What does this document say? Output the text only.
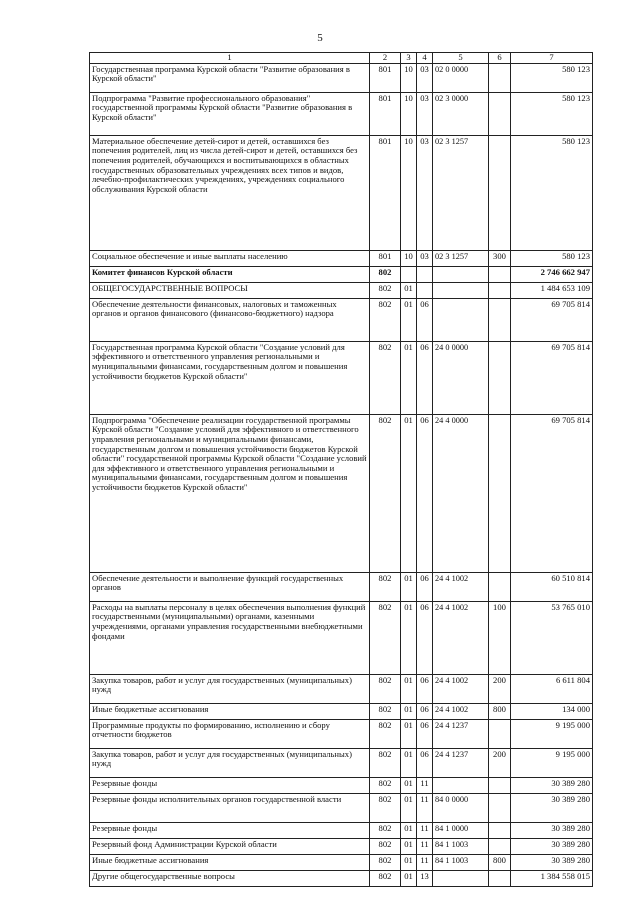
5
1	2	3	4	5	6	7
Государственная программа Курской области "Развитие образования в Курской области"	801	10	03	02 0 0000		580 123
Подпрограмма "Развитие профессионального образования" государственной программы Курской области "Развитие образования в Курской области"	801	10	03	02 3 0000		580 123
Материальное обеспечение детей-сирот и детей, оставшихся без попечения родителей, лиц из числа детей-сирот и детей, оставшихся без попечения родителей, обучающихся и воспитывающихся в областных государственных образовательных учреждениях всех типов и видов, лечебно-профилактических учреждениях, учреждениях социального обслуживания Курской области	801	10	03	02 3 1257		580 123
Социальное обеспечение и иные выплаты населению	801	10	03	02 3 1257	300	580 123
Комитет финансов Курской области	802					2 746 662 947
ОБЩЕГОСУДАРСТВЕННЫЕ ВОПРОСЫ	802	01				1 484 653 109
Обеспечение деятельности финансовых, налоговых и таможенных органов и органов финансового (финансово-бюджетного) надзора	802	01	06			69 705 814
Государственная программа Курской области "Создание условий для эффективного и ответственного управления региональными и муниципальными финансами, государственным долгом и повышения устойчивости бюджетов Курской области"	802	01	06	24 0 0000		69 705 814
Подпрограмма "Обеспечение реализации государственной программы Курской области "Создание условий для эффективного и ответственного управления региональными и муниципальными финансами, государственным долгом и повышения устойчивости бюджетов Курской области" государственной программы Курской области "Создание условий для эффективного и ответственного управления региональными и муниципальными финансами, государственным долгом и повышения устойчивости бюджетов Курской области"	802	01	06	24 4 0000		69 705 814
Обеспечение деятельности и выполнение функций государственных органов	802	01	06	24 4 1002		60 510 814
Расходы на выплаты персоналу в целях обеспечения выполнения функций государственными (муниципальными) органами, казенными учреждениями, органами управления государственными внебюджетными фондами	802	01	06	24 4 1002	100	53 765 010
Закупка товаров, работ и услуг для государственных (муниципальных) нужд	802	01	06	24 4 1002	200	6 611 804
Иные бюджетные ассигнования	802	01	06	24 4 1002	800	134 000
Программные продукты по формированию, исполнению и сбору отчетности бюджетов	802	01	06	24 4 1237		9 195 000
Закупка товаров, работ и услуг для государственных (муниципальных) нужд	802	01	06	24 4 1237	200	9 195 000
Резервные фонды	802	01	11			30 389 280
Резервные фонды исполнительных органов государственной власти	802	01	11	84 0 0000		30 389 280
Резервные фонды	802	01	11	84 1 0000		30 389 280
Резервный фонд Администрации Курской области	802	01	11	84 1 1003		30 389 280
Иные бюджетные ассигнования	802	01	11	84 1 1003	800	30 389 280
Другие общегосударственные вопросы	802	01	13			1 384 558 015
